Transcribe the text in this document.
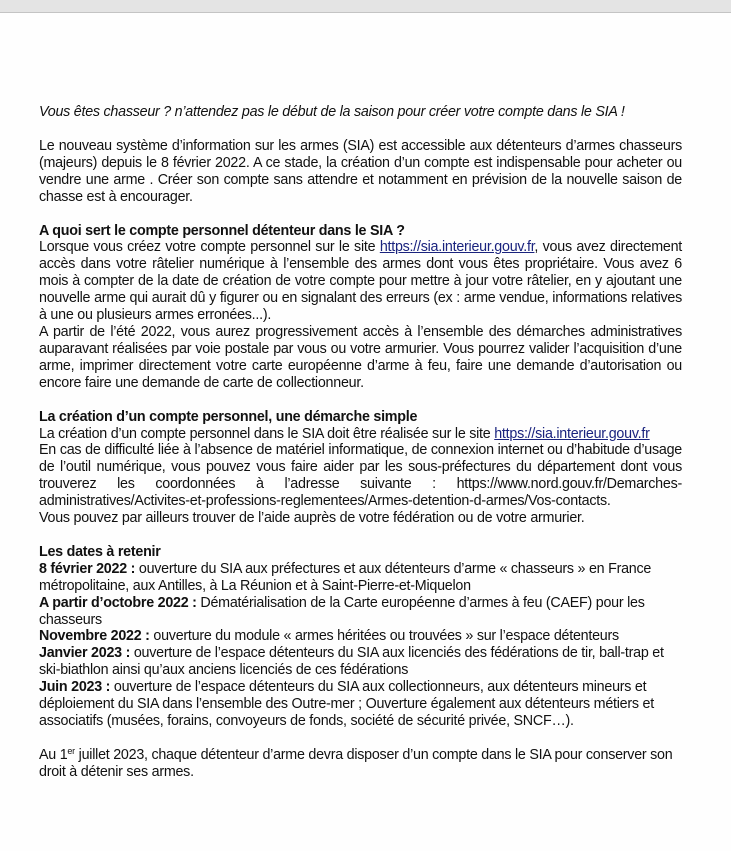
Vous êtes chasseur ? n’attendez pas le début de la saison pour créer votre compte dans le SIA !

Le nouveau système d’information sur les armes (SIA) est accessible aux détenteurs d’armes chasseurs (majeurs) depuis le 8 février 2022. A ce stade, la création d’un compte est indispensable pour acheter ou vendre une arme . Créer son compte sans attendre et notamment en prévision de la nouvelle saison de chasse est à encourager.

A quoi sert le compte personnel détenteur dans le SIA ?

Lorsque vous créez votre compte personnel sur le site https://sia.interieur.gouv.fr, vous avez directement accès dans votre râtelier numérique à l’ensemble des armes dont vous êtes propriétaire. Vous avez 6 mois à compter de la date de création de votre compte pour mettre à jour votre râtelier, en y ajoutant une nouvelle arme qui aurait dû y figurer ou en signalant des erreurs (ex : arme vendue, informations relatives à une ou plusieurs armes erronées...).

A partir de l’été 2022, vous aurez progressivement accès à l’ensemble des démarches administratives auparavant réalisées par voie postale par vous ou votre armurier. Vous pourrez valider l’acquisition d’une arme, imprimer directement votre carte européenne d’arme à feu, faire une demande d’autorisation ou encore faire une demande de carte de collectionneur.

La création d’un compte personnel, une démarche simple

La création d’un compte personnel dans le SIA doit être réalisée sur le site https://sia.interieur.gouv.fr

En cas de difficulté liée à l’absence de matériel informatique, de connexion internet ou d’habitude d’usage de l’outil numérique, vous pouvez vous faire aider par les sous-préfectures du département dont vous trouverez les coordonnées à l’adresse suivante : https://www.nord.gouv.fr/Demarches-administratives/Activites-et-professions-reglementees/Armes-detention-d-armes/Vos-contacts.

Vous pouvez par ailleurs trouver de l’aide auprès de votre fédération ou de votre armurier.

Les dates à retenir

8 février 2022 : ouverture du SIA aux préfectures et aux détenteurs d’arme « chasseurs » en France métropolitaine, aux Antilles, à La Réunion et à Saint-Pierre-et-Miquelon

A partir d’octobre 2022 : Dématérialisation de la Carte européenne d’armes à feu (CAEF) pour les chasseurs

Novembre 2022 : ouverture du module « armes héritées ou trouvées » sur l’espace détenteurs

Janvier 2023 : ouverture de l’espace détenteurs du SIA aux licenciés des fédérations de tir, ball-trap et ski-biathlon ainsi qu’aux anciens licenciés de ces fédérations

Juin 2023 : ouverture de l’espace détenteurs du SIA aux collectionneurs, aux détenteurs mineurs et déploiement du SIA dans l’ensemble des Outre-mer ; Ouverture également aux détenteurs métiers et associatifs (musées, forains, convoyeurs de fonds, société de sécurité privée, SNCF…).

Au 1er juillet 2023, chaque détenteur d’arme devra disposer d’un compte dans le SIA pour conserver son droit à détenir ses armes.
